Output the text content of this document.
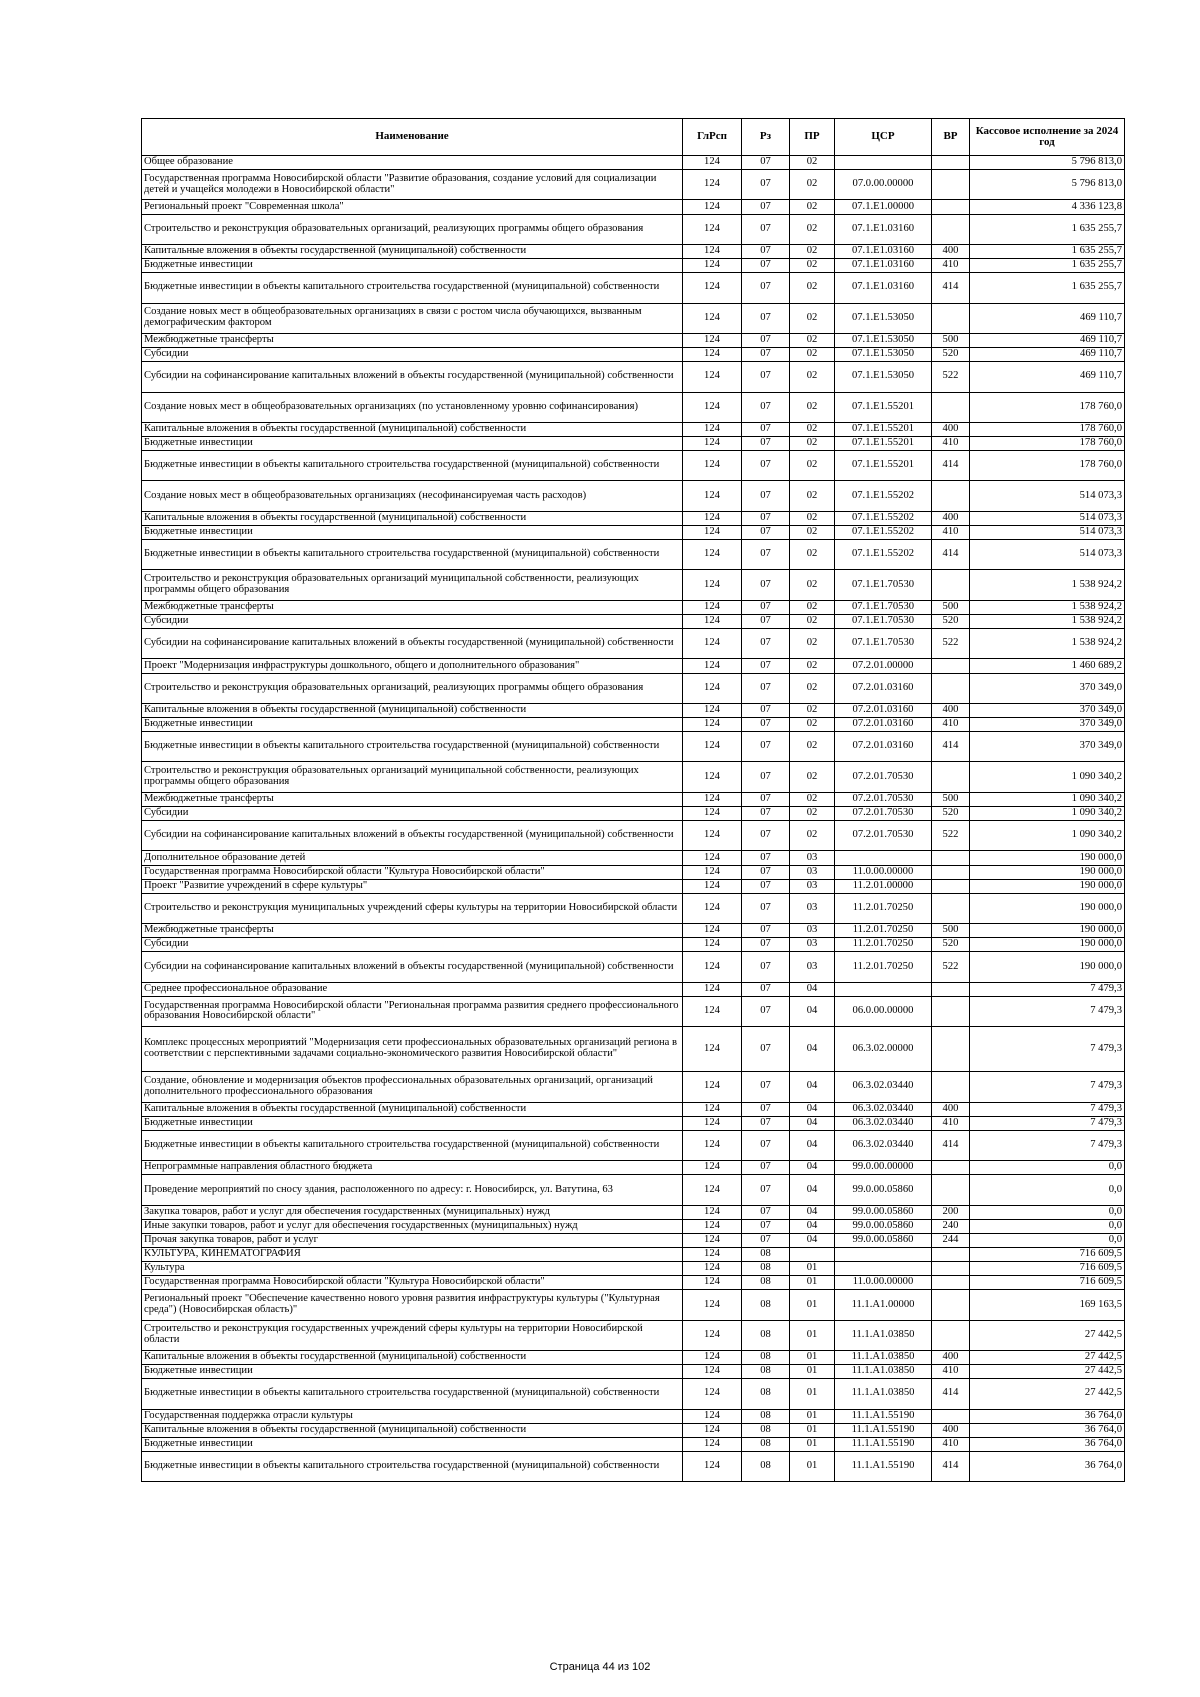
Наименование	ГлРсп	Рз	ПР	ЦСР	ВР	Кассовое исполнение за 2024 год
Общее образование	124	07	02			5 796 813,0
Государственная программа Новосибирской области "Развитие образования, создание условий для социализации детей и учащейся молодежи в Новосибирской области"	124	07	02	07.0.00.00000		5 796 813,0
Региональный проект "Современная школа"	124	07	02	07.1.E1.00000		4 336 123,8
Строительство и реконструкция образовательных организаций, реализующих программы общего образования	124	07	02	07.1.E1.03160		1 635 255,7
Капитальные вложения в объекты государственной (муниципальной) собственности	124	07	02	07.1.E1.03160	400	1 635 255,7
Бюджетные инвестиции	124	07	02	07.1.E1.03160	410	1 635 255,7
Бюджетные инвестиции в объекты капитального строительства государственной (муниципальной) собственности	124	07	02	07.1.E1.03160	414	1 635 255,7
Создание новых мест в общеобразовательных организациях в связи с ростом числа обучающихся, вызванным демографическим фактором	124	07	02	07.1.E1.53050		469 110,7
Межбюджетные трансферты	124	07	02	07.1.E1.53050	500	469 110,7
Субсидии	124	07	02	07.1.E1.53050	520	469 110,7
Субсидии на софинансирование капитальных вложений в объекты государственной (муниципальной) собственности	124	07	02	07.1.E1.53050	522	469 110,7
Создание новых мест в общеобразовательных организациях (по установленному уровню софинансирования)	124	07	02	07.1.E1.55201		178 760,0
Капитальные вложения в объекты государственной (муниципальной) собственности	124	07	02	07.1.E1.55201	400	178 760,0
Бюджетные инвестиции	124	07	02	07.1.E1.55201	410	178 760,0
Бюджетные инвестиции в объекты капитального строительства государственной (муниципальной) собственности	124	07	02	07.1.E1.55201	414	178 760,0
Создание новых мест в общеобразовательных организациях (несофинансируемая часть расходов)	124	07	02	07.1.E1.55202		514 073,3
Капитальные вложения в объекты государственной (муниципальной) собственности	124	07	02	07.1.E1.55202	400	514 073,3
Бюджетные инвестиции	124	07	02	07.1.E1.55202	410	514 073,3
Бюджетные инвестиции в объекты капитального строительства государственной (муниципальной) собственности	124	07	02	07.1.E1.55202	414	514 073,3
Строительство и реконструкция образовательных организаций муниципальной собственности, реализующих программы общего образования	124	07	02	07.1.E1.70530		1 538 924,2
Межбюджетные трансферты	124	07	02	07.1.E1.70530	500	1 538 924,2
Субсидии	124	07	02	07.1.E1.70530	520	1 538 924,2
Субсидии на софинансирование капитальных вложений в объекты государственной (муниципальной) собственности	124	07	02	07.1.E1.70530	522	1 538 924,2
Проект "Модернизация инфраструктуры дошкольного, общего и дополнительного образования"	124	07	02	07.2.01.00000		1 460 689,2
Строительство и реконструкция образовательных организаций, реализующих программы общего образования	124	07	02	07.2.01.03160		370 349,0
Капитальные вложения в объекты государственной (муниципальной) собственности	124	07	02	07.2.01.03160	400	370 349,0
Бюджетные инвестиции	124	07	02	07.2.01.03160	410	370 349,0
Бюджетные инвестиции в объекты капитального строительства государственной (муниципальной) собственности	124	07	02	07.2.01.03160	414	370 349,0
Строительство и реконструкция образовательных организаций муниципальной собственности, реализующих программы общего образования	124	07	02	07.2.01.70530		1 090 340,2
Межбюджетные трансферты	124	07	02	07.2.01.70530	500	1 090 340,2
Субсидии	124	07	02	07.2.01.70530	520	1 090 340,2
Субсидии на софинансирование капитальных вложений в объекты государственной (муниципальной) собственности	124	07	02	07.2.01.70530	522	1 090 340,2
Дополнительное образование детей	124	07	03			190 000,0
Государственная программа Новосибирской области "Культура Новосибирской области"	124	07	03	11.0.00.00000		190 000,0
Проект "Развитие учреждений в сфере культуры"	124	07	03	11.2.01.00000		190 000,0
Строительство и реконструкция муниципальных учреждений сферы культуры на территории Новосибирской области	124	07	03	11.2.01.70250		190 000,0
Межбюджетные трансферты	124	07	03	11.2.01.70250	500	190 000,0
Субсидии	124	07	03	11.2.01.70250	520	190 000,0
Субсидии на софинансирование капитальных вложений в объекты государственной (муниципальной) собственности	124	07	03	11.2.01.70250	522	190 000,0
Среднее профессиональное образование	124	07	04			7 479,3
Государственная программа Новосибирской области "Региональная программа развития среднего профессионального образования Новосибирской области"	124	07	04	06.0.00.00000		7 479,3
Комплекс процессных мероприятий "Модернизация сети профессиональных образовательных организаций региона в соответствии с перспективными задачами социально-экономического развития Новосибирской области"	124	07	04	06.3.02.00000		7 479,3
Создание, обновление и модернизация объектов профессиональных образовательных организаций, организаций дополнительного профессионального образования	124	07	04	06.3.02.03440		7 479,3
Капитальные вложения в объекты государственной (муниципальной) собственности	124	07	04	06.3.02.03440	400	7 479,3
Бюджетные инвестиции	124	07	04	06.3.02.03440	410	7 479,3
Бюджетные инвестиции в объекты капитального строительства государственной (муниципальной) собственности	124	07	04	06.3.02.03440	414	7 479,3
Непрограммные направления областного бюджета	124	07	04	99.0.00.00000		0,0
Проведение мероприятий по сносу здания, расположенного по адресу: г. Новосибирск, ул. Ватутина, 63	124	07	04	99.0.00.05860		0,0
Закупка товаров, работ и услуг для обеспечения государственных (муниципальных) нужд	124	07	04	99.0.00.05860	200	0,0
Иные закупки товаров, работ и услуг для обеспечения государственных (муниципальных) нужд	124	07	04	99.0.00.05860	240	0,0
Прочая закупка товаров, работ и услуг	124	07	04	99.0.00.05860	244	0,0
КУЛЬТУРА, КИНЕМАТОГРАФИЯ	124	08				716 609,5
Культура	124	08	01			716 609,5
Государственная программа Новосибирской области "Культура Новосибирской области"	124	08	01	11.0.00.00000		716 609,5
Региональный проект "Обеспечение качественно нового уровня развития инфраструктуры культуры ("Культурная среда") (Новосибирская область)"	124	08	01	11.1.A1.00000		169 163,5
Строительство и реконструкция государственных учреждений сферы культуры на территории Новосибирской области	124	08	01	11.1.A1.03850		27 442,5
Капитальные вложения в объекты государственной (муниципальной) собственности	124	08	01	11.1.A1.03850	400	27 442,5
Бюджетные инвестиции	124	08	01	11.1.A1.03850	410	27 442,5
Бюджетные инвестиции в объекты капитального строительства государственной (муниципальной) собственности	124	08	01	11.1.A1.03850	414	27 442,5
Государственная поддержка отрасли культуры	124	08	01	11.1.A1.55190		36 764,0
Капитальные вложения в объекты государственной (муниципальной) собственности	124	08	01	11.1.A1.55190	400	36 764,0
Бюджетные инвестиции	124	08	01	11.1.A1.55190	410	36 764,0
Бюджетные инвестиции в объекты капитального строительства государственной (муниципальной) собственности	124	08	01	11.1.A1.55190	414	36 764,0
Страница 44 из 102
